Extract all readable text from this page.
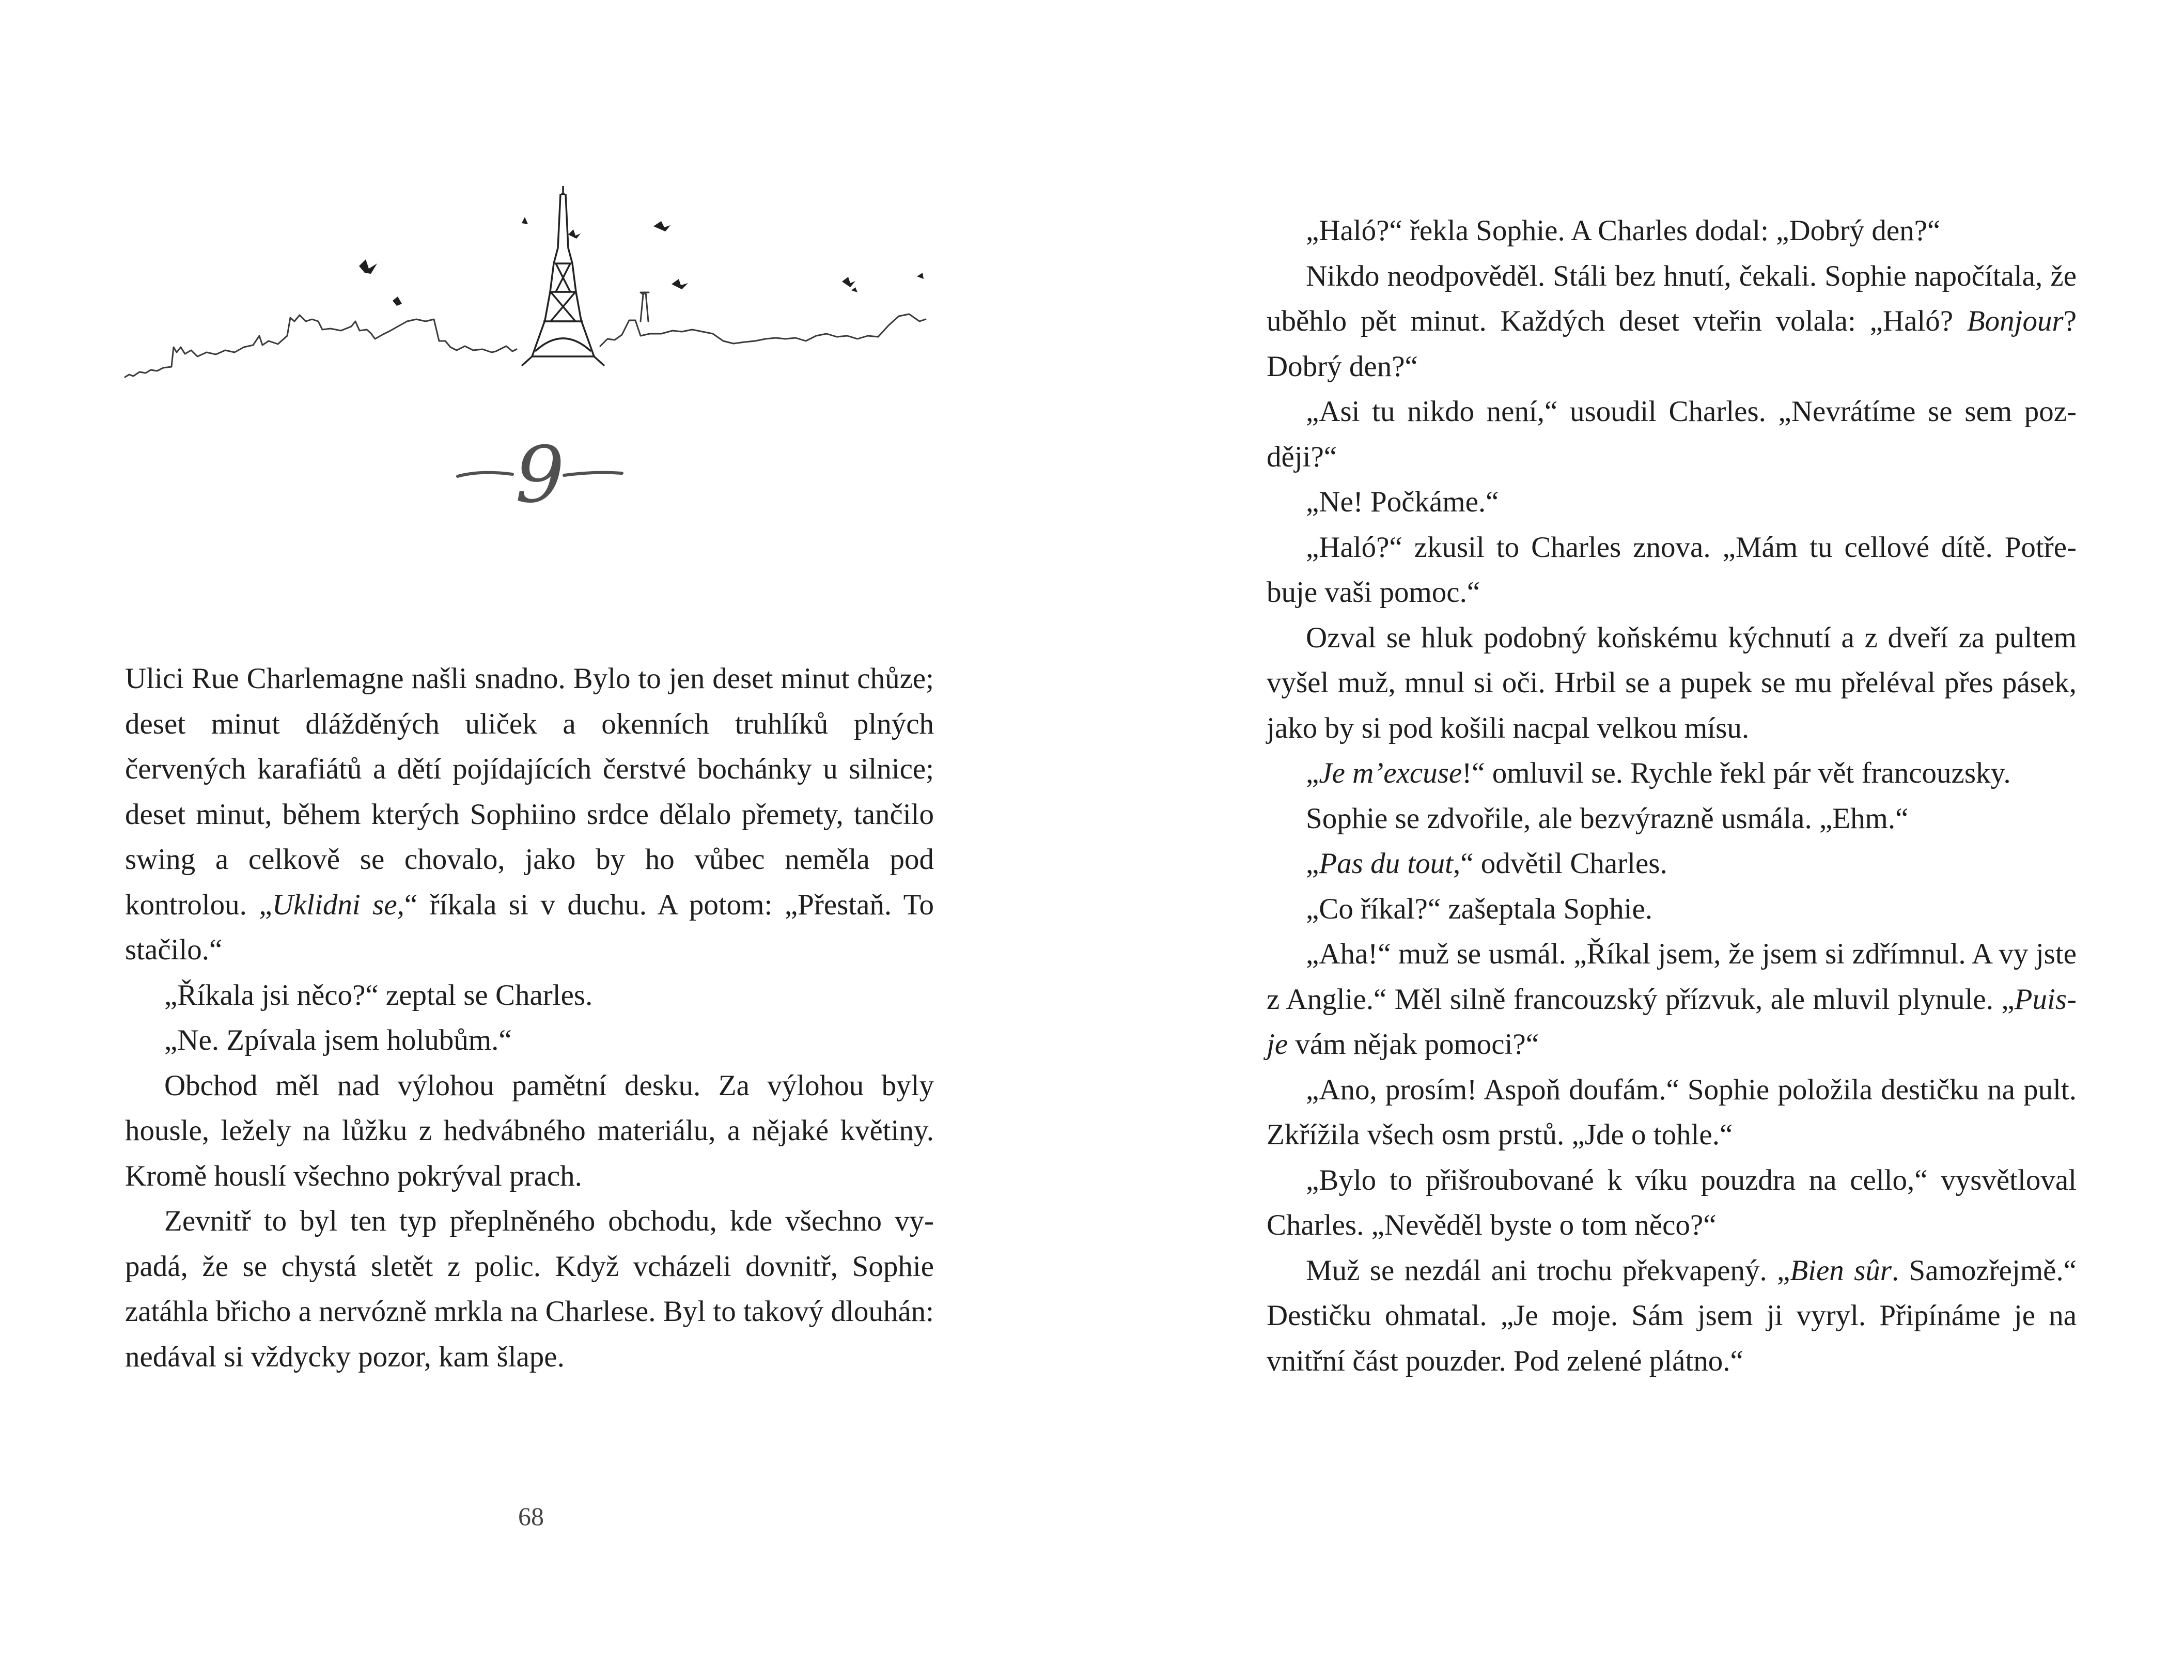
9

Ulici Rue Charlemagne našli snadno. Bylo to jen deset minut chůze; deset minut dlážděných uliček a okenních truhlíků plných červených karafiátů a dětí pojídajících čerstvé bochánky u silnice; deset minut, během kterých Sophiino srdce dělalo přemety, tančilo swing a celkově se chovalo, jako by ho vůbec neměla pod kontrolou. „Uklidni se,“ říkala si v duchu. A potom: „Přestaň. To stačilo.“

„Říkala jsi něco?“ zeptal se Charles.

„Ne. Zpívala jsem holubům.“

Obchod měl nad výlohou pamětní desku. Za výlohou byly housle, ležely na lůžku z hedvábného materiálu, a nějaké květiny. Kromě houslí všechno pokrýval prach.

Zevnitř to byl ten typ přeplněného obchodu, kde všechno vypadá, že se chystá sletět z polic. Když vcházeli dovnitř, Sophie zatáhla břicho a nervózně mrkla na Charlese. Byl to takový dlouhán: nedával si vždycky pozor, kam šlape.

68

„Haló?“ řekla Sophie. A Charles dodal: „Dobrý den?“

Nikdo neodpověděl. Stáli bez hnutí, čekali. Sophie napočítala, že uběhlo pět minut. Každých deset vteřin volala: „Haló? Bonjour? Dobrý den?“

„Asi tu nikdo není,“ usoudil Charles. „Nevrátíme se sem později?“

„Ne! Počkáme.“

„Haló?“ zkusil to Charles znova. „Mám tu cellové dítě. Potřebuje vaši pomoc.“

Ozval se hluk podobný koňskému kýchnutí a z dveří za pultem vyšel muž, mnul si oči. Hrbil se a pupek se mu přeléval přes pásek, jako by si pod košili nacpal velkou mísu.

„Je m’excuse!“ omluvil se. Rychle řekl pár vět francouzsky.

Sophie se zdvořile, ale bezvýrazně usmála. „Ehm.“

„Pas du tout,“ odvětil Charles.

„Co říkal?“ zašeptala Sophie.

„Aha!“ muž se usmál. „Říkal jsem, že jsem si zdřímnul. A vy jste z Anglie.“ Měl silně francouzský přízvuk, ale mluvil plynule. „Puis-je vám nějak pomoci?“

„Ano, prosím! Aspoň doufám.“ Sophie položila destičku na pult. Zkřížila všech osm prstů. „Jde o tohle.“

„Bylo to přišroubované k víku pouzdra na cello,“ vysvětloval Charles. „Nevěděl byste o tom něco?“

Muž se nezdál ani trochu překvapený. „Bien sûr. Samozřejmě.“ Destičku ohmatal. „Je moje. Sám jsem ji vyryl. Připínáme je na vnitřní část pouzder. Pod zelené plátno.“
